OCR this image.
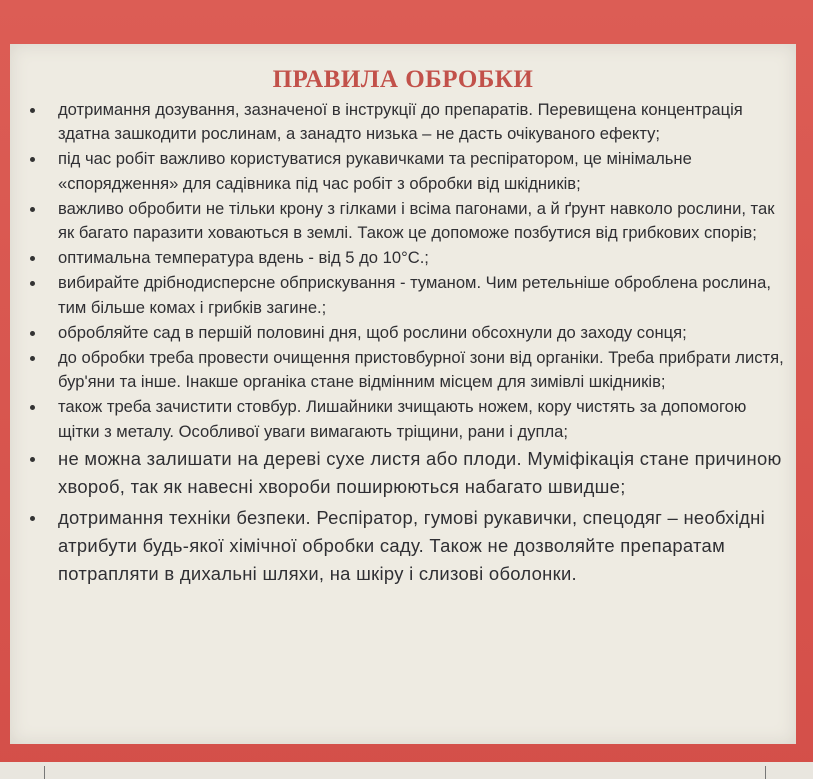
ПРАВИЛА ОБРОБКИ
дотримання дозування, зазначеної в інструкції до препаратів. Перевищена концентрація здатна зашкодити рослинам, а занадто низька – не дасть очікуваного ефекту;
під час робіт важливо користуватися рукавичками та респіратором, це мінімальне «спорядження» для садівника під час робіт з обробки від шкідників;
важливо обробити не тільки крону з гілками і всіма пагонами, а й ґрунт навколо рослини, так як багато паразити ховаються в землі. Також це допоможе позбутися від грибкових спорів;
оптимальна температура вдень - від 5 до 10°С.;
вибирайте дрібнодисперсне обприскування - туманом. Чим ретельніше оброблена рослина, тим більше комах і грибків загине.;
обробляйте сад в першій половині дня, щоб рослини обсохнули до заходу сонця;
до обробки треба провести очищення пристовбурної зони від органіки. Треба прибрати листя, бур'яни та інше. Інакше органіка стане відмінним місцем для зимівлі шкідників;
також треба зачистити стовбур. Лишайники зчищають ножем, кору чистять за допомогою щітки з металу. Особливої уваги вимагають тріщини, рани і дупла;
не можна залишати на дереві сухе листя або плоди. Муміфікація стане причиною хвороб, так як навесні хвороби поширюються набагато швидше;
дотримання техніки безпеки. Респіратор, гумові рукавички, спецодяг – необхідні атрибути будь-якої хімічної обробки саду. Також не дозволяйте препаратам потрапляти в дихальні шляхи, на шкіру і слизові оболонки.
